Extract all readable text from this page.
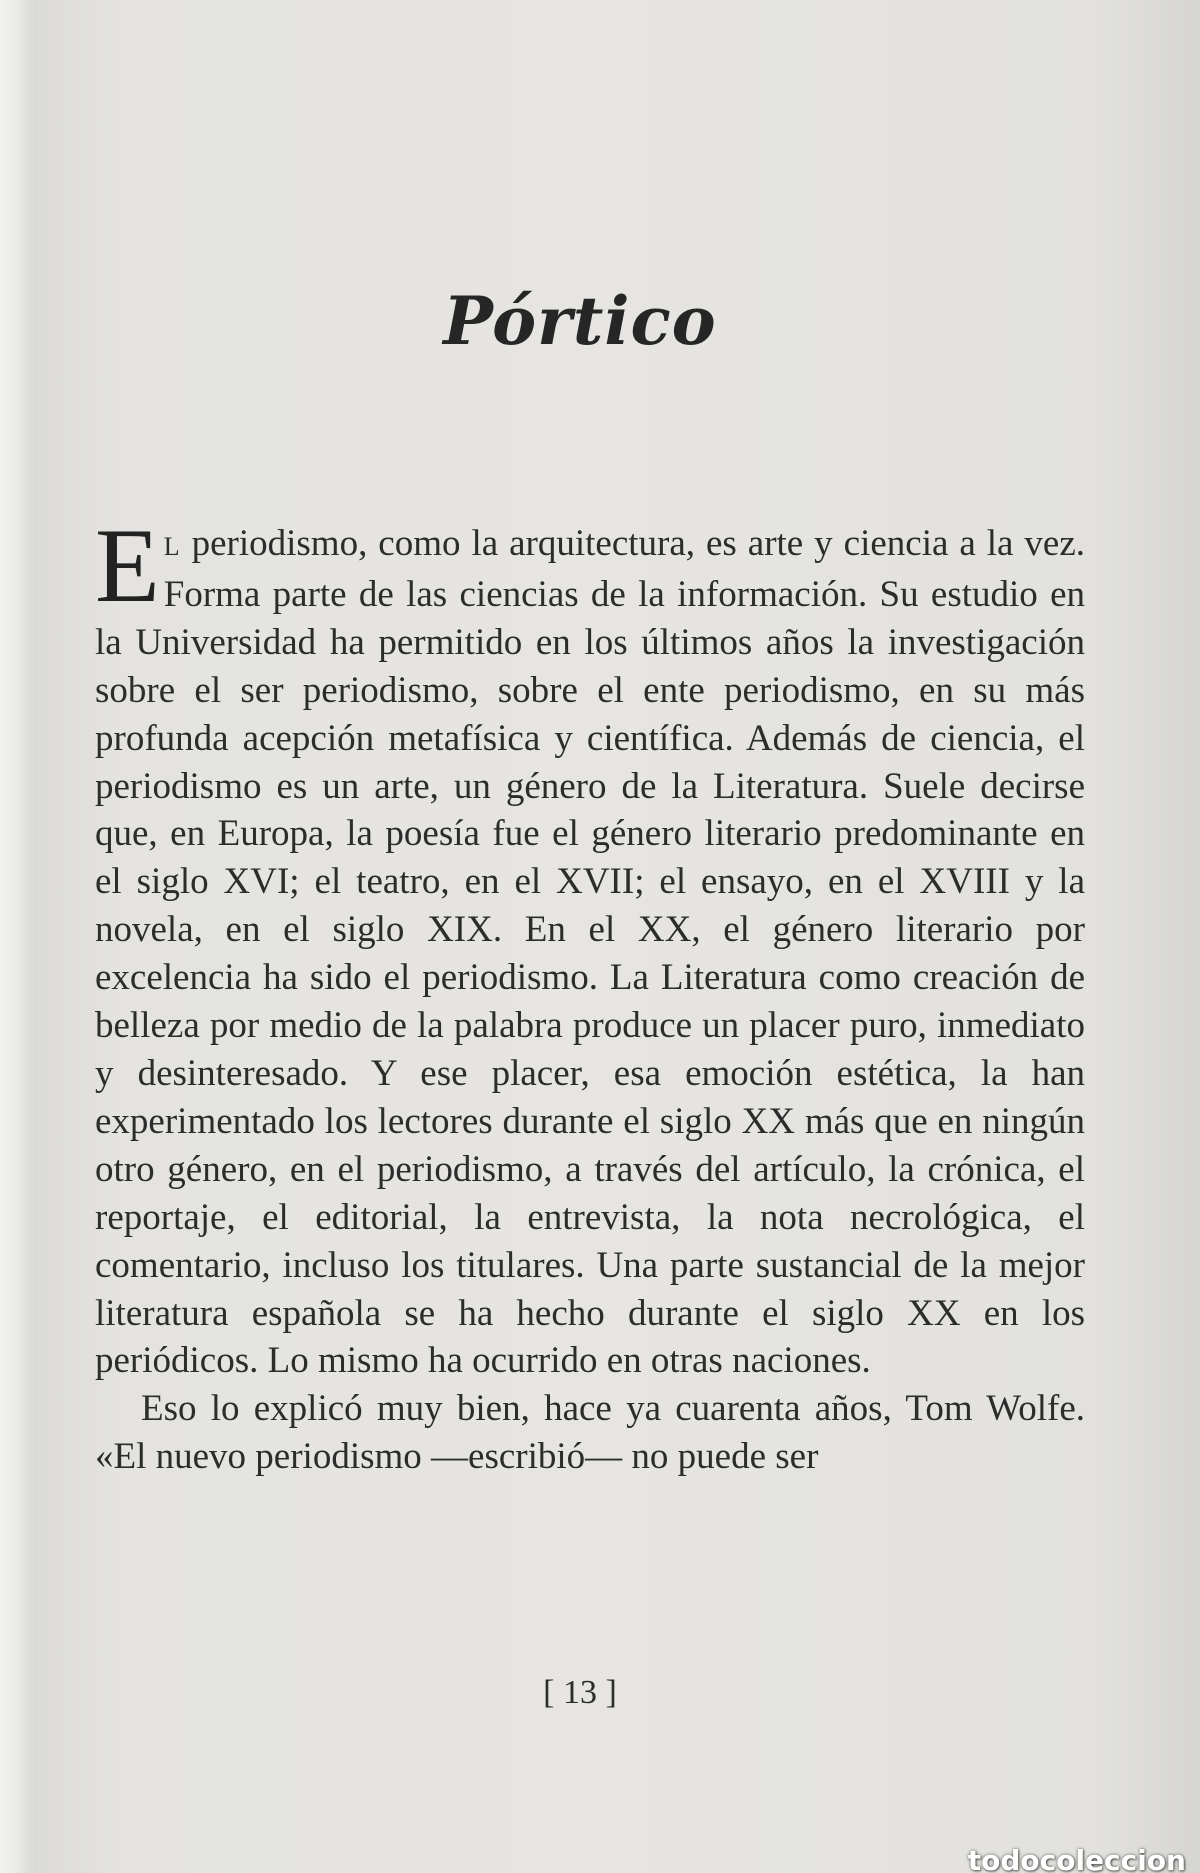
Pórtico

E L periodismo, como la arquitectura, es arte y ciencia a la vez. Forma parte de las ciencias de la información. Su estudio en la Universidad ha permitido en los últimos años la investigación sobre el ser periodismo, sobre el ente periodismo, en su más profunda acepción metafísica y científica. Además de ciencia, el periodismo es un arte, un género de la Literatura. Suele decirse que, en Europa, la poesía fue el género literario predominante en el siglo XVI; el teatro, en el XVII; el ensayo, en el XVIII y la novela, en el siglo XIX. En el XX, el género literario por excelencia ha sido el periodismo. La Literatura como creación de belleza por medio de la palabra produce un placer puro, inmediato y desinteresado. Y ese placer, esa emoción estética, la han experimentado los lectores durante el siglo XX más que en ningún otro género, en el periodismo, a través del artículo, la crónica, el reportaje, el editorial, la entrevista, la nota necrológica, el comentario, incluso los titulares. Una parte sustancial de la mejor literatura española se ha hecho durante el siglo XX en los periódicos. Lo mismo ha ocurrido en otras naciones.

Eso lo explicó muy bien, hace ya cuarenta años, Tom Wolfe. «El nuevo periodismo —escribió— no puede ser

[ 13 ]
todocoleccion
